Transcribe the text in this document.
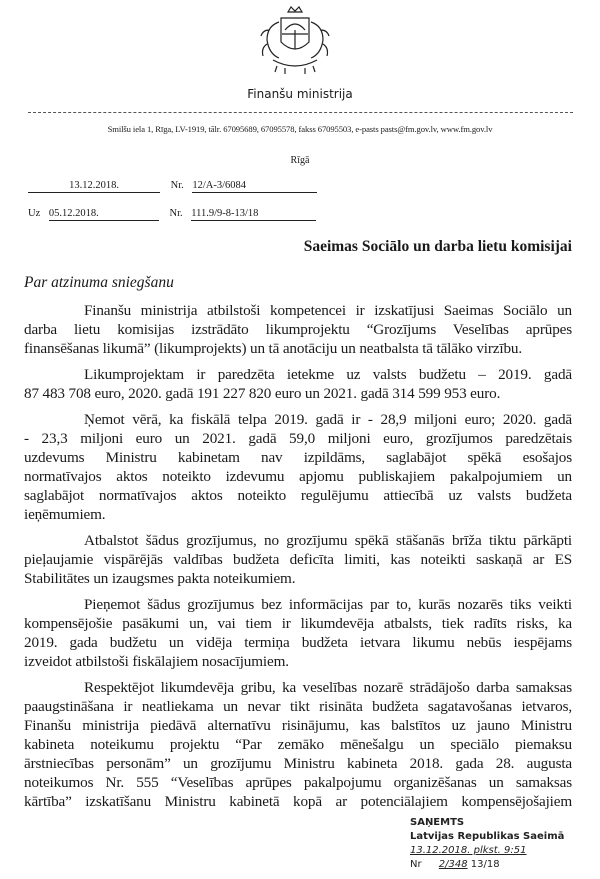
Finanšu ministrija
Smilšu iela 1, Rīga, LV-1919, tālr. 67095689, 67095578, fakss 67095503, e-pasts pasts@fm.gov.lv, www.fm.gov.lv
Rīgā
13.12.2018.	Nr. 12/A-3/6084
Uz 05.12.2018.	Nr. 111.9/9-8-13/18
Saeimas Sociālo un darba lietu komisijai
Par atzinuma sniegšanu
Finanšu ministrija atbilstoši kompetencei ir izskatījusi Saeimas Sociālo un
darba lietu komisijas izstrādāto likumprojektu “Grozījums Veselības aprūpes
finansēšanas likumā” (likumprojekts) un tā anotāciju un neatbalsta tā tālāko virzību.
Likumprojektam ir paredzēta ietekme uz valsts budžetu – 2019. gadā
87 483 708 euro, 2020. gadā 191 227 820 euro un 2021. gadā 314 599 953 euro.
Ņemot vērā, ka fiskālā telpa 2019. gadā ir - 28,9 miljoni euro; 2020. gadā
- 23,3 miljoni euro un 2021. gadā 59,0 miljoni euro, grozījumos paredzētais
uzdevums Ministru kabinetam nav izpildāms, saglabājot spēkā esošajos
normatīvajos aktos noteikto izdevumu apjomu publiskajiem pakalpojumiem un
saglabājot normatīvajos aktos noteikto regulējumu attiecībā uz valsts budžeta
ieņēmumiem.
Atbalstot šādus grozījumus, no grozījumu spēkā stāšanās brīža tiktu pārkāpti
pieļaujamie vispārējās valdības budžeta deficīta limiti, kas noteikti saskaņā ar ES
Stabilitātes un izaugsmes pakta noteikumiem.
Pieņemot šādus grozījumus bez informācijas par to, kurās nozarēs tiks veikti
kompensējošie pasākumi un, vai tiem ir likumdevēja atbalsts, tiek radīts risks, ka
2019. gada budžetu un vidēja termiņa budžeta ietvara likumu nebūs iespējams
izveidot atbilstoši fiskālajiem nosacījumiem.
Respektējot likumdevēja gribu, ka veselības nozarē strādājošo darba samaksas
paaugstināšana ir neatliekama un nevar tikt risināta budžeta sagatavošanas ietvaros,
Finanšu ministrija piedāvā alternatīvu risinājumu, kas balstītos uz jauno Ministru
kabineta noteikumu projektu “Par zemāko mēnešalgu un speciālo piemaksu
ārstniecības personām” un grozījumu Ministru kabineta 2018. gada 28. augusta
noteikumos Nr. 555 “Veselības aprūpes pakalpojumu organizēšanas un samaksas
kārtība” izskatīšanu Ministru kabinetā kopā ar potenciālajiem kompensējošajiem
SAŅEMTS
Latvijas Republikas Saeimā
13.12.2018. plkst. 9:51
Nr 2/348 13/18
